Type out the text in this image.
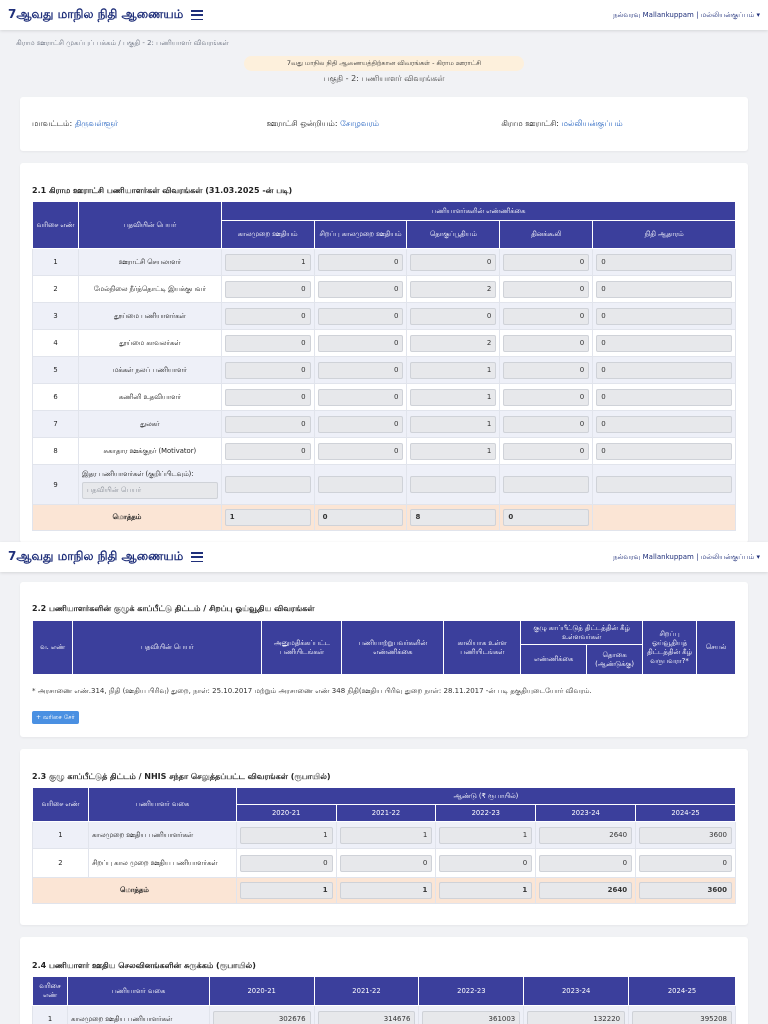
7ஆவது மாநில நிதி ஆணையம்	நல்வரவு Mallankuppam | மல்லியன்குப்பம் ▾
கிராம ஊராட்சி முகப்புப் பக்கம் / பகுதி - 2: பணியாளர் விவரங்கள்
7வது மாநில நிதி ஆணையத்திற்கான விவரங்கள் - கிராம ஊராட்சி
பகுதி - 2: பணியாளர் விவரங்கள்
மாவட்டம்: திருவள்ளூர்	ஊராட்சி ஒன்றியம்: சோழவரம்	கிராம ஊராட்சி: மல்லியன்குப்பம்
2.1 கிராம ஊராட்சி பணியாளர்கள் விவரங்கள் (31.03.2025 -ன் படி)
வரிசை எண்	பதவியின் பெயர்	பணியாளர்களின் எண்ணிக்கை				
		காலமுறை ஊதியம்	சிறப்பு காலமுறை ஊதியம்	தொகுப்பூதியம்	தினக்கூலி	நிதி ஆதாரம்
1	ஊராட்சி செயலாளர்	1	0	0	0	0

2	மேல்நிலை நீர்த்தொட்டி இயக்குபவர்	0	0	2	0	0

3	தூய்மை பணியாளர்கள்	0	0	0	0	0

4	தூய்மை காவலர்கள்	0	0	2	0	0

5	மக்கள் நலப் பணியாளர்	0	0	1	0	0

6	கணினி உதவியாளர்	0	0	1	0	0

7	துலகர்	0	0	1	0	0

8	சுகாதார ஊக்குநர் (Motivator)	0	0	1	0	0

9	இதர பணியாளர்கள் (குறிப்பிடவும்):
பதவியின் பெயர்					

மொத்தம்		1	0	8	0	

7ஆவது மாநில நிதி ஆணையம்	நல்வரவு Mallankuppam | மல்லியன்குப்பம் ▾
2.2 பணியாளர்களின் குழுக் காப்பீட்டு திட்டம் / சிறப்பு ஓய்வூதிய விவரங்கள்
வ. எண்	பதவியின் பெயர்	அனுமதிக்கப்பட்ட பணியிடங்கள்	பணியாற்றுபவர்களின் எண்ணிக்கை	காலியாக உள்ள பணியிடங்கள்	குழு காப்பீட்டுத் திட்டத்தின் கீழ் உள்ளவர்கள்		சிறப்பு ஓய்வூதியத் திட்டத்தின் கீழ் வருபவரா?*	செயல்
					எண்ணிக்கை	தொகை (ஆண்டுக்கு)		
* அரசாணை எண்.314, நிதி (ஊதிய பிரிவு) துறை, நாள்: 25.10.2017 மற்றும் அரசாணை எண் 348 நிதி(ஊதிய பிரிவு துறை நாள்: 28.11.2017 -ன் படி தகுதியுடையோர் விவரம்.
+ வரிசை சேர்
2.3 குழு காப்பீட்டுத் திட்டம் / NHIS சந்தா செலுத்தப்பட்ட விவரங்கள் (ரூபாயில்)
வரிசை எண்	பணியாளர் வகை	ஆண்டு (₹ ரூபாயில்)				
		2020-21	2021-22	2022-23	2023-24	2024-25
1	காலமுறை ஊதிய பணியாளர்கள்	1	1	1	2640	3600

2	சிறப்பு கால முறை ஊதிய பணியாளர்கள்	0	0	0	0	0

மொத்தம்		1	1	1	2640	3600
2.4 பணியாளர் ஊதிய செலவினங்களின் சுருக்கம் (ரூபாயில்)
வரிசை எண்	பணியாளர் வகை	2020-21	2021-22	2022-23	2023-24	2024-25
1	காலமுறை ஊதிய பணியாளர்கள்	302676	314676	361003	132220	395208
